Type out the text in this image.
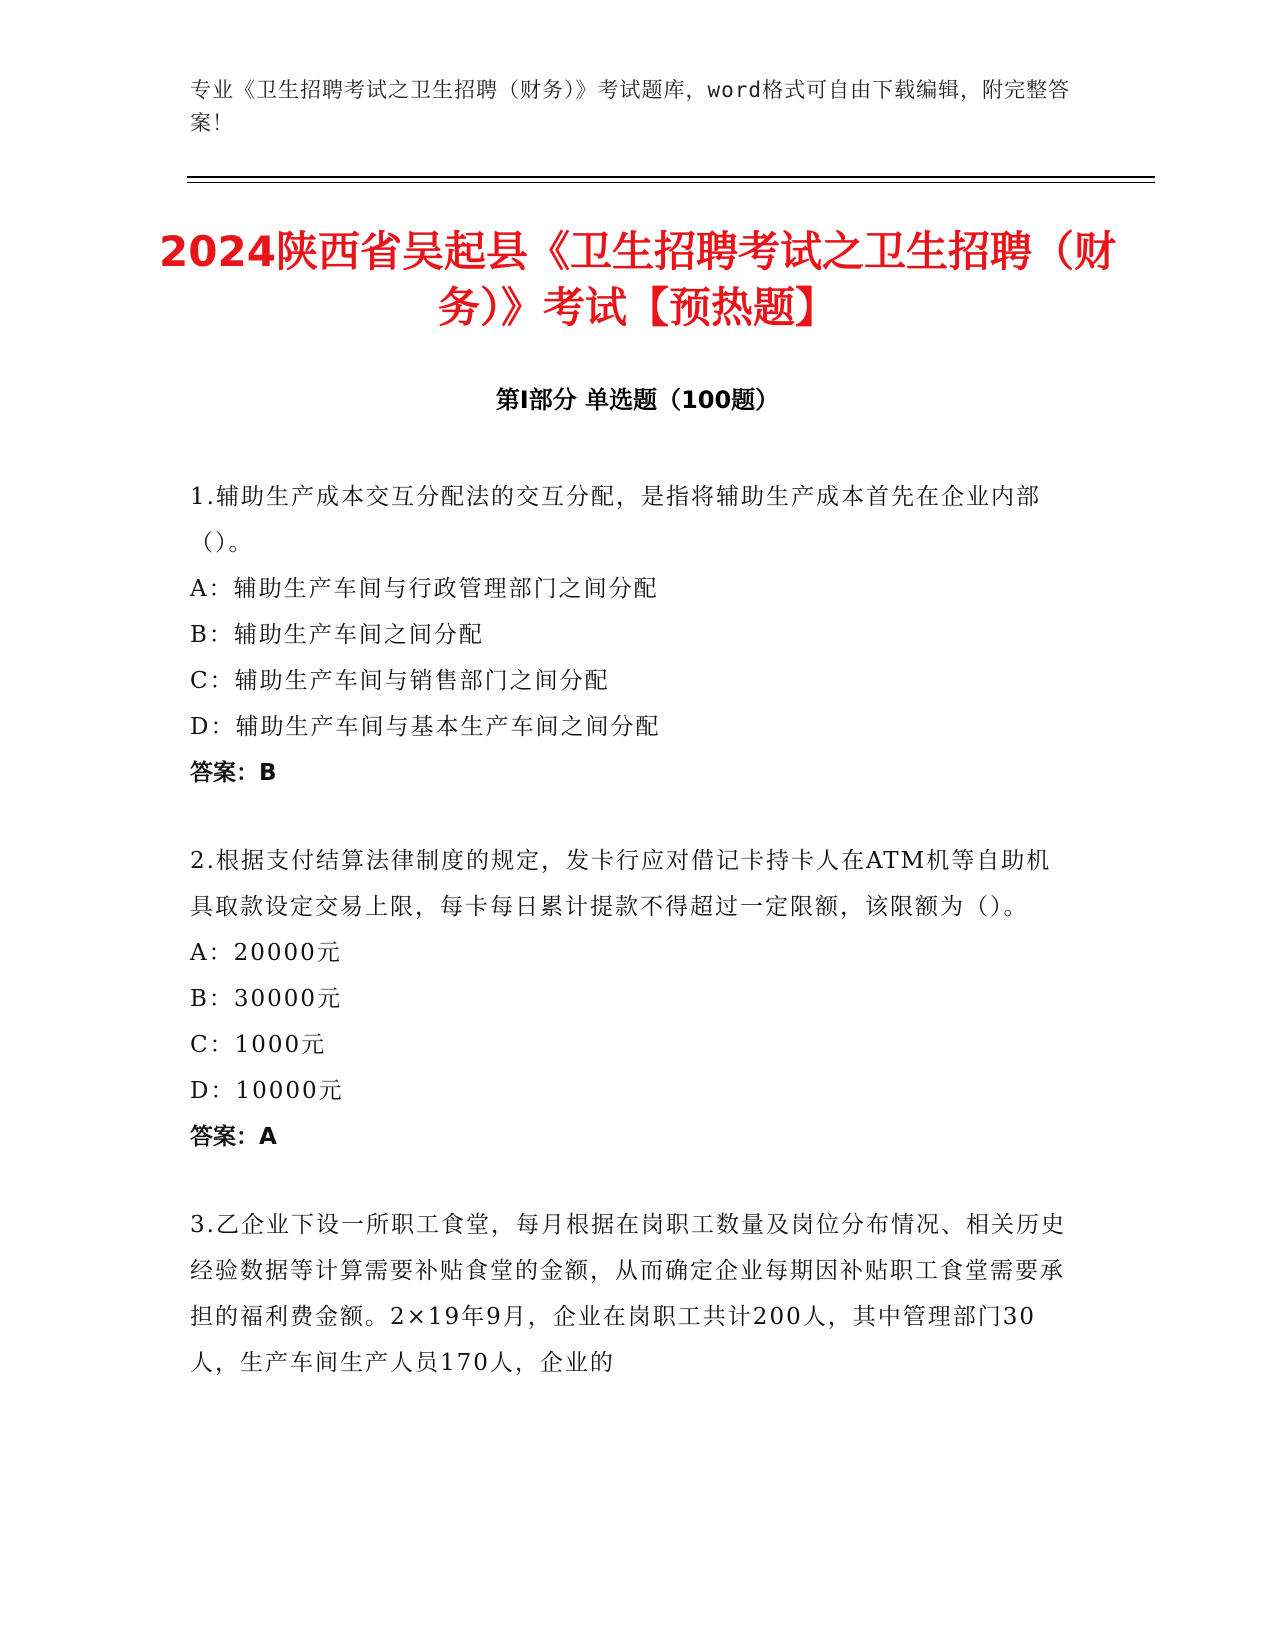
专业《卫生招聘考试之卫生招聘（财务）》考试题库，word格式可自由下载编辑，附完整答案！
2024陕西省吴起县《卫生招聘考试之卫生招聘（财务）》考试【预热题】
第I部分 单选题（100题）

1.辅助生产成本交互分配法的交互分配，是指将辅助生产成本首先在企业内部（）。

A：辅助生产车间与行政管理部门之间分配

B：辅助生产车间之间分配

C：辅助生产车间与销售部门之间分配

D：辅助生产车间与基本生产车间之间分配

答案：B

2.根据支付结算法律制度的规定，发卡行应对借记卡持卡人在ATM机等自助机具取款设定交易上限，每卡每日累计提款不得超过一定限额，该限额为（）。

A：20000元

B：30000元

C：1000元

D：10000元

答案：A

3.乙企业下设一所职工食堂，每月根据在岗职工数量及岗位分布情况、相关历史经验数据等计算需要补贴食堂的金额，从而确定企业每期因补贴职工食堂需要承担的福利费金额。2×19年9月，企业在岗职工共计200人，其中管理部门30人，生产车间生产人员170人，企业的
